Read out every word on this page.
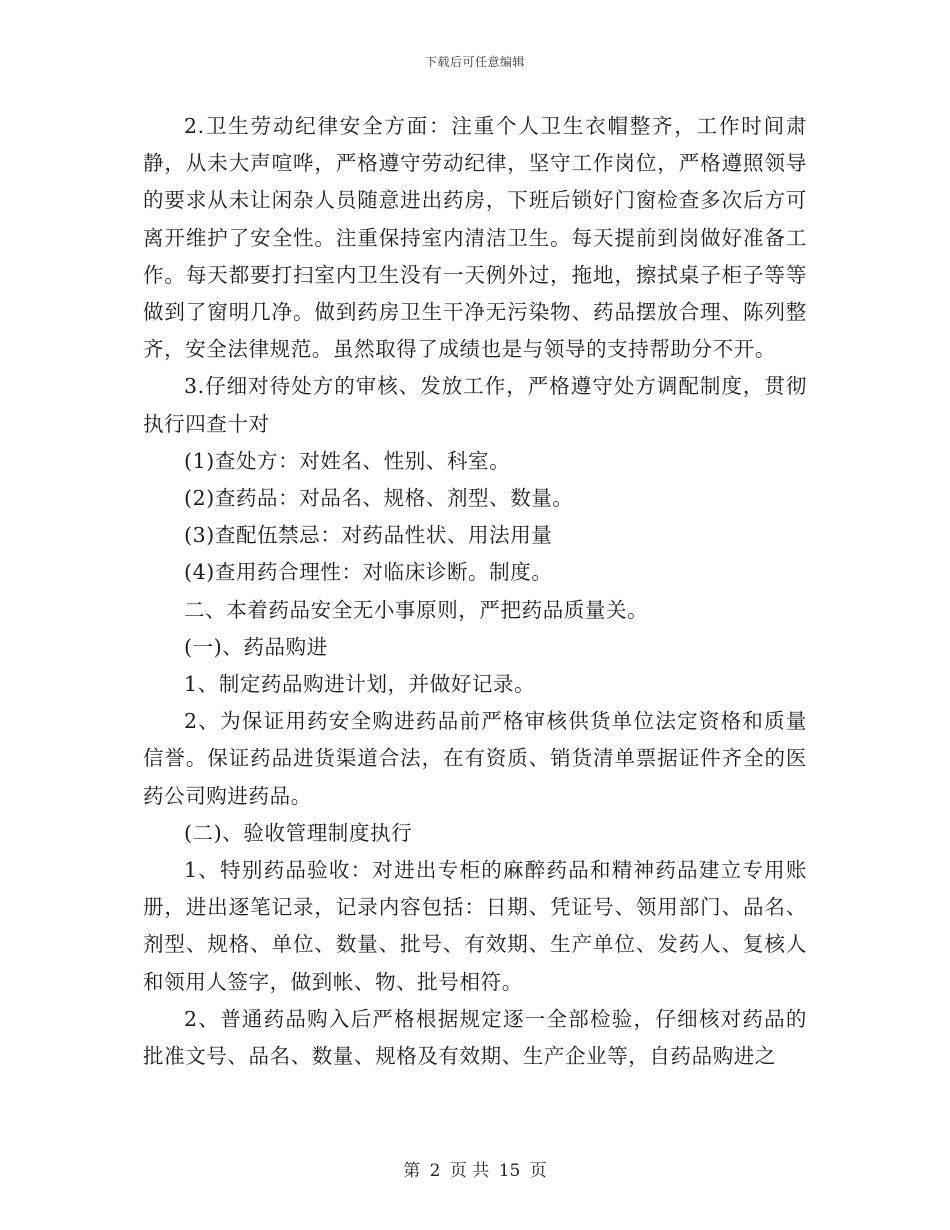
下载后可任意编辑

2.卫生劳动纪律安全方面：注重个人卫生衣帽整齐，工作时间肃静，从未大声喧哗，严格遵守劳动纪律，坚守工作岗位，严格遵照领导的要求从未让闲杂人员随意进出药房，下班后锁好门窗检查多次后方可离开维护了安全性。注重保持室内清洁卫生。每天提前到岗做好准备工作。每天都要打扫室内卫生没有一天例外过，拖地，擦拭桌子柜子等等做到了窗明几净。做到药房卫生干净无污染物、药品摆放合理、陈列整齐，安全法律规范。虽然取得了成绩也是与领导的支持帮助分不开。

3.仔细对待处方的审核、发放工作，严格遵守处方调配制度，贯彻执行四查十对

(1)查处方：对姓名、性别、科室。

(2)查药品：对品名、规格、剂型、数量。

(3)查配伍禁忌：对药品性状、用法用量

(4)查用药合理性：对临床诊断。制度。

二、本着药品安全无小事原则，严把药品质量关。

(一)、药品购进

1、制定药品购进计划，并做好记录。

2、为保证用药安全购进药品前严格审核供货单位法定资格和质量信誉。保证药品进货渠道合法，在有资质、销货清单票据证件齐全的医药公司购进药品。

(二)、验收管理制度执行

1、特别药品验收：对进出专柜的麻醉药品和精神药品建立专用账册，进出逐笔记录，记录内容包括：日期、凭证号、领用部门、品名、剂型、规格、单位、数量、批号、有效期、生产单位、发药人、复核人和领用人签字，做到帐、物、批号相符。

2、普通药品购入后严格根据规定逐一全部检验，仔细核对药品的批准文号、品名、数量、规格及有效期、生产企业等，自药品购进之

第 2 页 共 15 页
